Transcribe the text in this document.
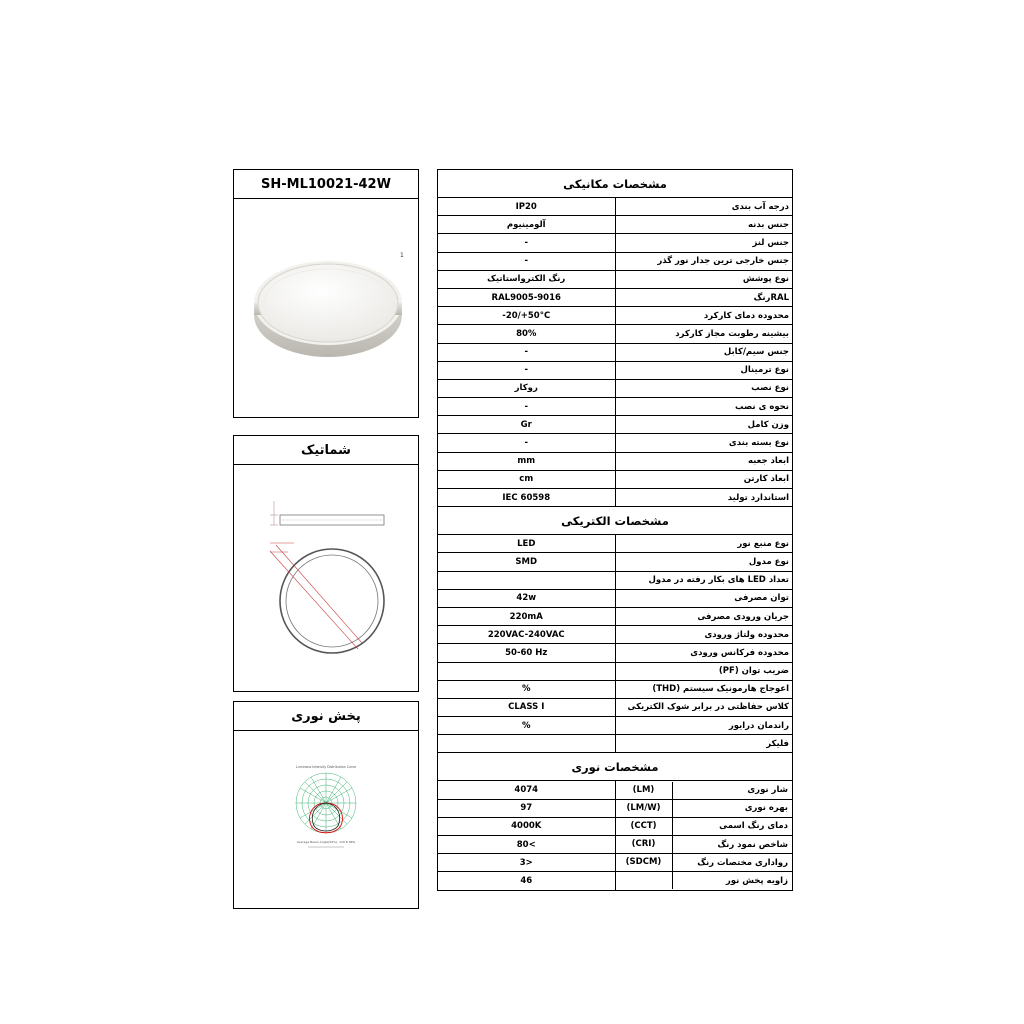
SH-ML10021-42W
1
شماتیک
پخش نوری
Luminous Intensity Distribution Curve
Average Beam Angle(50%): 116.8 DEG
مشخصات مکانیکی	
IP20	درجه آب بندی
آلومینیوم	جنس بدنه
-	جنس لنز
-	جنس خارجی ترین جدار نور گذر
رنگ الکترواستاتیک	نوع پوشش
RAL9005-9016	RALرنگ
-20/+50°C	محدوده دمای کارکرد
80%	بیشینه رطوبت مجاز کارکرد
-	جنس سیم/کابل
-	نوع ترمینال
روکار	نوع نصب
-	نحوه ی نصب
Gr	وزن کامل
-	نوع بسته بندی
mm	ابعاد جعبه
cm	ابعاد کارتن
IEC 60598	استاندارد تولید
مشخصات الکتریکی	
LED	نوع منبع نور
SMD	نوع مدول
	تعداد LED های بکار رفته در مدول
42w	توان مصرفی
220mA	جریان ورودی مصرفی
220VAC-240VAC	محدوده ولتاژ ورودی
50-60 Hz	محدوده فرکانس ورودی
	ضریب توان (PF)
%	اعوجاج هارمونیک سیستم (THD)
CLASS I	کلاس حفاظتی در برابر شوک الکتریکی
%	راندمان درایور
	فلیکر
مشخصات نوری	
4074	(LM) شار نوری

97	(LM/W) بهره نوری

4000K	(CCT) دمای رنگ اسمی

80<	(CRI) شاخص نمود رنگ

3>	(SDCM) رواداری مختصات رنگ

46	زاویه پخش نور
